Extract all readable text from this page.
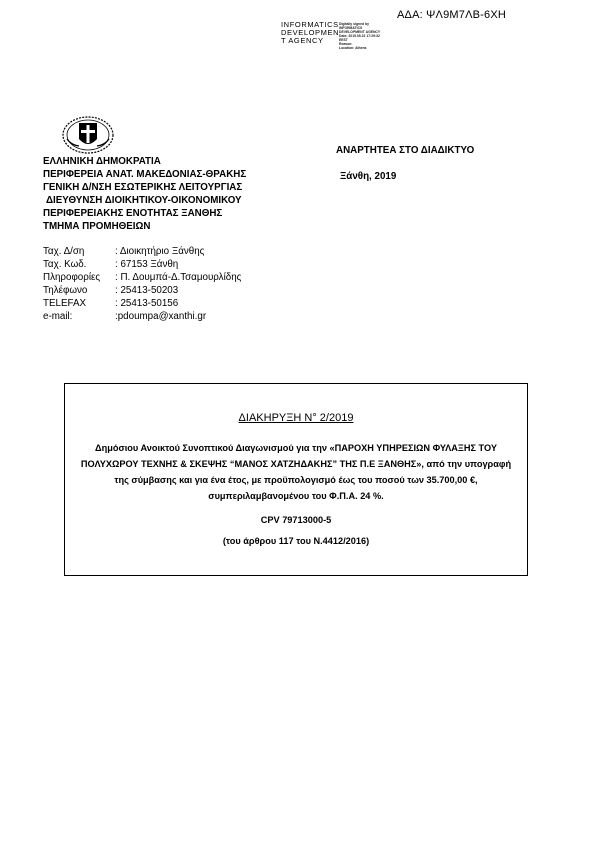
ΑΔΑ: ΨΛ9Μ7ΛΒ-6ΧΗ
INFORMATICS
DEVELOPMEN
T AGENCY
Digitally signed by
INFORMATICS
DEVELOPMENT AGENCY
Date: 2019.05.22 17:29:32
EEST
Reason:
Location: Athens
ΕΛΛΗΝΙΚΗ ΔΗΜΟΚΡΑΤΙΑ
ΠΕΡΙΦΕΡΕΙΑ ΑΝΑΤ. ΜΑΚΕΔΟΝΙΑΣ-ΘΡΑΚΗΣ
ΓΕΝΙΚΗ Δ/ΝΣΗ ΕΣΩΤΕΡΙΚΗΣ ΛΕΙΤΟΥΡΓΙΑΣ
ΔΙΕΥΘΥΝΣΗ ΔΙΟΙΚΗΤΙΚΟΥ-ΟΙΚΟΝΟΜΙΚΟΥ
ΠΕΡΙΦΕΡΕΙΑΚΗΣ ΕΝΟΤΗΤΑΣ ΞΑΝΘΗΣ
ΤΜΗΜΑ ΠΡΟΜΗΘΕΙΩΝ
ΑΝΑΡΤΗΤΕΑ ΣΤΟ ΔΙΑΔΙΚΤΥΟ
Ξάνθη, 2019
Ταχ. Δ/ση	: Διοικητήριο Ξάνθης
Ταχ. Κωδ.	: 67153 Ξάνθη
Πληροφορίες	: Π. Δουμπά-Δ.Τσαμουρλίδης
Τηλέφωνο	: 25413-50203
TELEFAX	: 25413-50156
e-mail:	:pdoumpa@xanthi.gr
ΔΙΑΚΗΡΥΞΗ Ν° 2/2019
Δημόσιου Ανοικτού Συνοπτικού Διαγωνισμού για την «ΠΑΡΟΧΗ ΥΠΗΡΕΣΙΩΝ ΦΥΛΑΞΗΣ ΤΟΥ ΠΟΛΥΧΩΡΟΥ ΤΕΧΝΗΣ & ΣΚΕΨΗΣ “ΜΑΝΟΣ ΧΑΤΖΗΔΑΚΗΣ” ΤΗΣ Π.Ε ΞΑΝΘΗΣ», από την υπογραφή της σύμβασης και για ένα έτος, με προϋπολογισμό έως του ποσού των 35.700,00 €, συμπεριλαμβανομένου του Φ.Π.Α. 24 %.
CPV 79713000-5
(του άρθρου 117 του Ν.4412/2016)
